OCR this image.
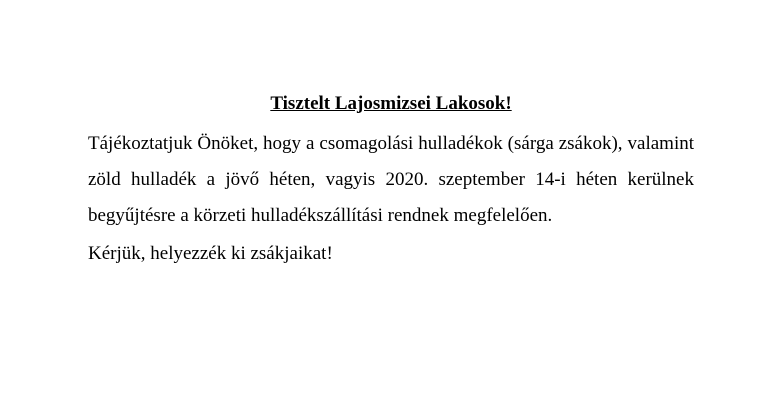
Tisztelt Lajosmizsei Lakosok!

Tájékoztatjuk Önöket, hogy a csomagolási hulladékok (sárga zsákok), valamint zöld hulladék a jövő héten, vagyis 2020. szeptember 14-i héten kerülnek begyűjtésre a körzeti hulladékszállítási rendnek megfelelően.

Kérjük, helyezzék ki zsákjaikat!
